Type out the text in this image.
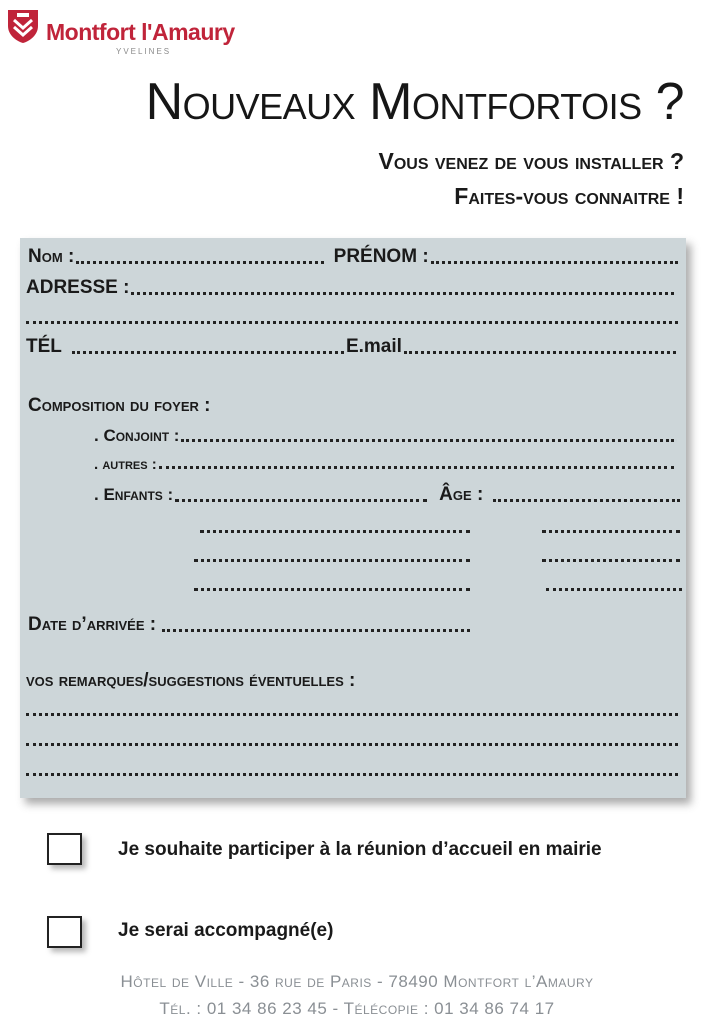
Montfort l'Amaury
YVELINES
Nouveaux Montfortois ?
Vous venez de vous installer ?
Faites-vous connaitre !
Nom :	PRÉNOM :
ADRESSE :
TÉL	E.mail
Composition du foyer :
. Conjoint :
. autres :
. Enfants :	Âge :
Date d’arrivée :
vos remarques/suggestions éventuelles :
Je souhaite participer à la réunion d’accueil en mairie
Je serai accompagné(e)
Hôtel de Ville - 36 rue de Paris - 78490 Montfort l’Amaury
Tél. : 01 34 86 23 45 - Télécopie : 01 34 86 74 17
